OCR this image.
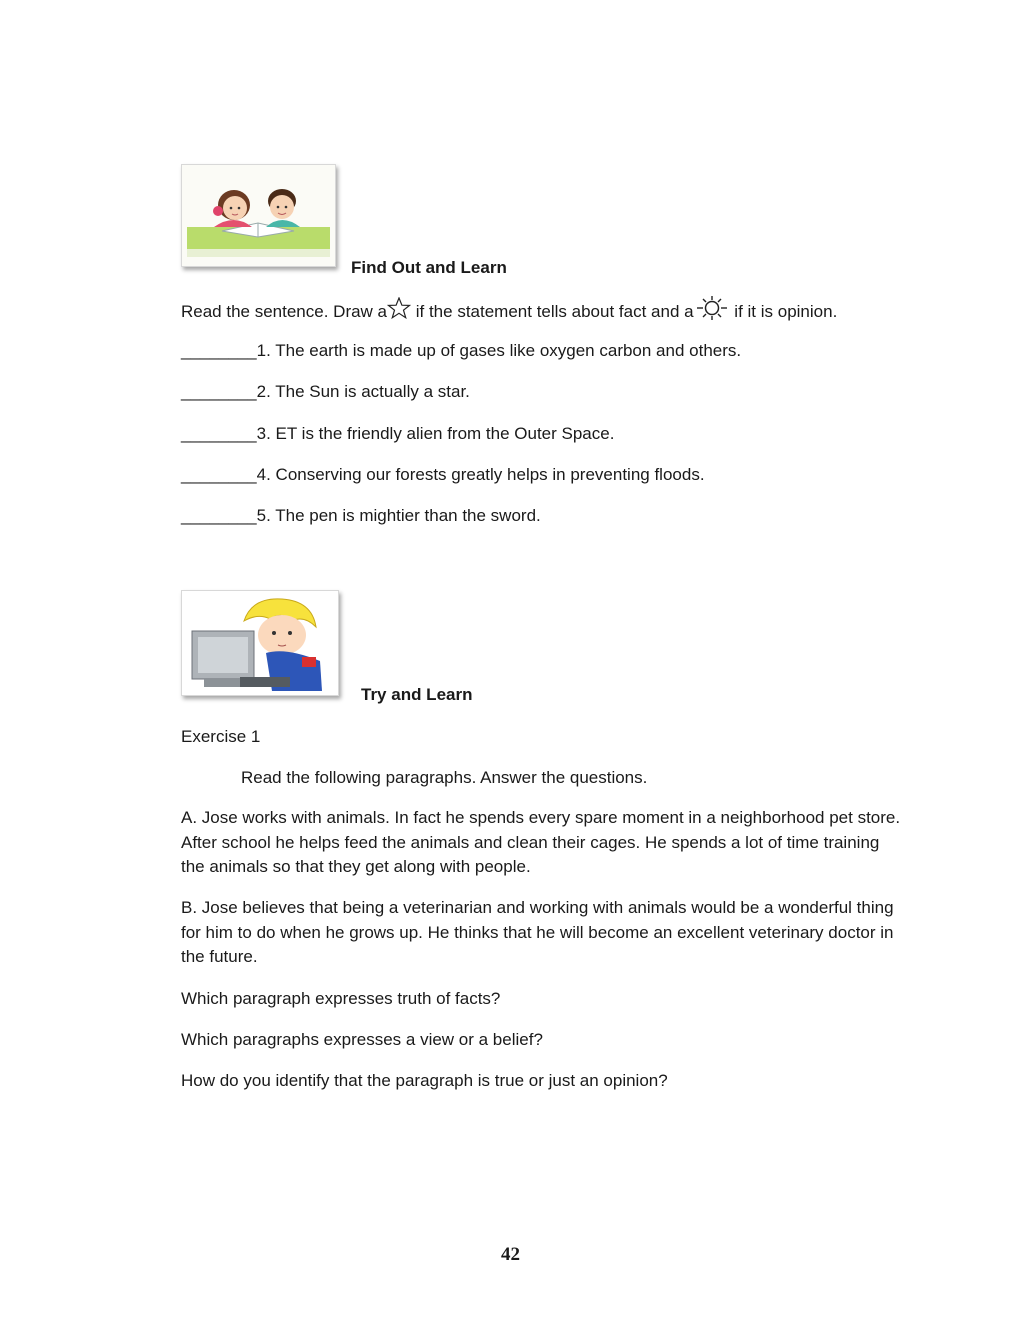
Find Out and Learn
Read the sentence. Draw a if the statement tells about fact and a if it is opinion.
________1. The earth is made up of gases like oxygen carbon and others.
________2. The Sun is actually a star.
________3. ET is the friendly alien from the Outer Space.
________4. Conserving our forests greatly helps in preventing floods.
________5. The pen is mightier than the sword.
Try and Learn
Exercise 1
Read the following paragraphs. Answer the questions.
A. Jose works with animals. In fact he spends every spare moment in a neighborhood pet store. After school he helps feed the animals and clean their cages. He spends a lot of time training the animals so that they get along with people.
B. Jose believes that being a veterinarian and working with animals would be a wonderful thing for him to do when he grows up. He thinks that he will become an excellent veterinary doctor in the future.
Which paragraph expresses truth of facts?
Which paragraphs expresses a view or a belief?
How do you identify that the paragraph is true or just an opinion?
42
